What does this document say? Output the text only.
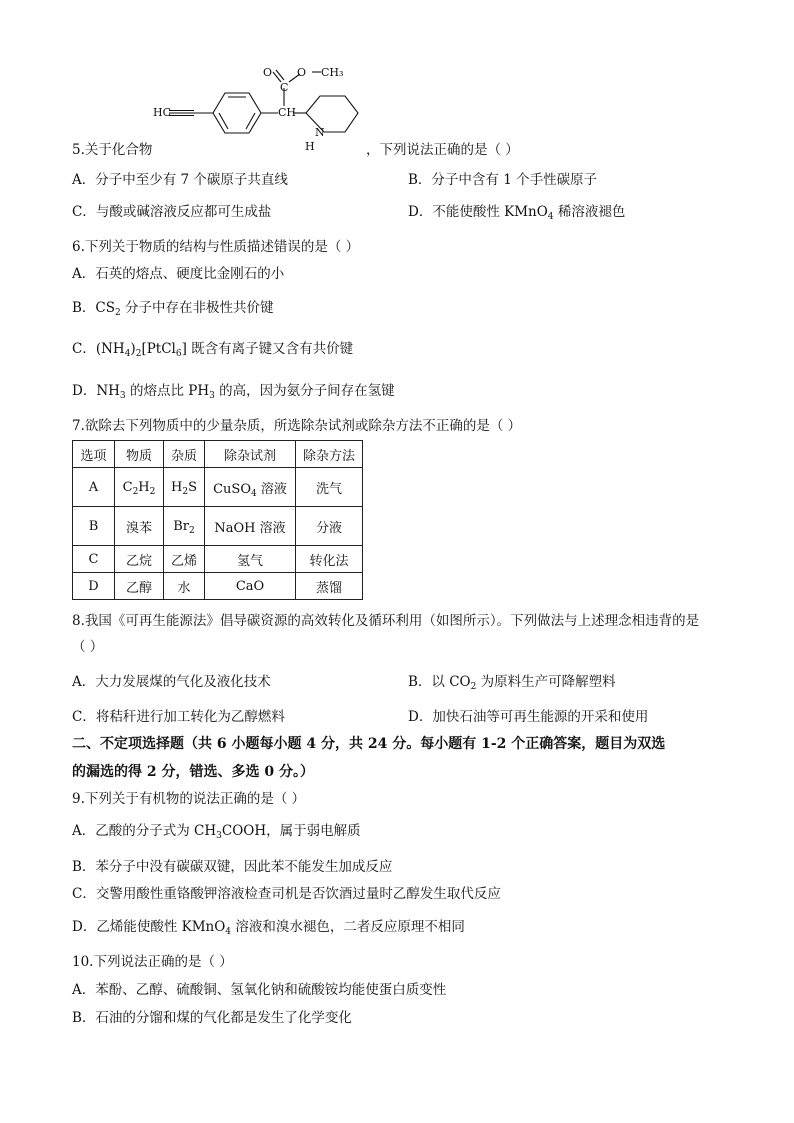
O O CH₃
C
CH
N
H
HC
5.关于化合物	，下列说法正确的是（ ）
A．分子中至少有 7 个碳原子共直线	B．分子中含有 1 个手性碳原子
C．与酸或碱溶液反应都可生成盐	D．不能使酸性 KMnO$_4$ 稀溶液褪色
6.下列关于物质的结构与性质描述错误的是（ ）
A．石英的熔点、硬度比金刚石的小
B．$CS_2$ 分子中存在非极性共价键
C．$(NH_4)_2[PtCl_6]$ 既含有离子键又含有共价键
D．$NH_3$ 的熔点比 $PH_3$ 的高，因为氨分子间存在氢键
7.欲除去下列物质中的少量杂质，所选除杂试剂或除杂方法不正确的是（ ）
选项	物质	杂质	除杂试剂	除杂方法
A	$C_2H_2$	$H_2S$	CuSO$_4$ 溶液	洗气
B	溴苯	$Br_2$	NaOH 溶液	分液
C	乙烷	乙烯	氢气	转化法
D	乙醇	水	CaO	蒸馏
8.我国《可再生能源法》倡导碳资源的高效转化及循环利用（如图所示）。下列做法与上述理念相违背的是
（ ）
A．大力发展煤的气化及液化技术	B．以 $CO_2$ 为原料生产可降解塑料
C．将秸秆进行加工转化为乙醇燃料	D．加快石油等可再生能源的开采和使用
二、不定项选择题（共 6 小题每小题 4 分，共 24 分。每小题有 1-2 个正确答案，题目为双选
的漏选的得 2 分，错选、多选 0 分。）
9.下列关于有机物的说法正确的是（ ）
A．乙酸的分子式为 $CH_3COOH$，属于弱电解质
B．苯分子中没有碳碳双键，因此苯不能发生加成反应
C．交警用酸性重铬酸钾溶液检查司机是否饮酒过量时乙醇发生取代反应
D．乙烯能使酸性 KMnO$_4$ 溶液和溴水褪色，二者反应原理不相同
10.下列说法正确的是（ ）
A．苯酚、乙醇、硫酸铜、氢氧化钠和硫酸铵均能使蛋白质变性
B．石油的分馏和煤的气化都是发生了化学变化
